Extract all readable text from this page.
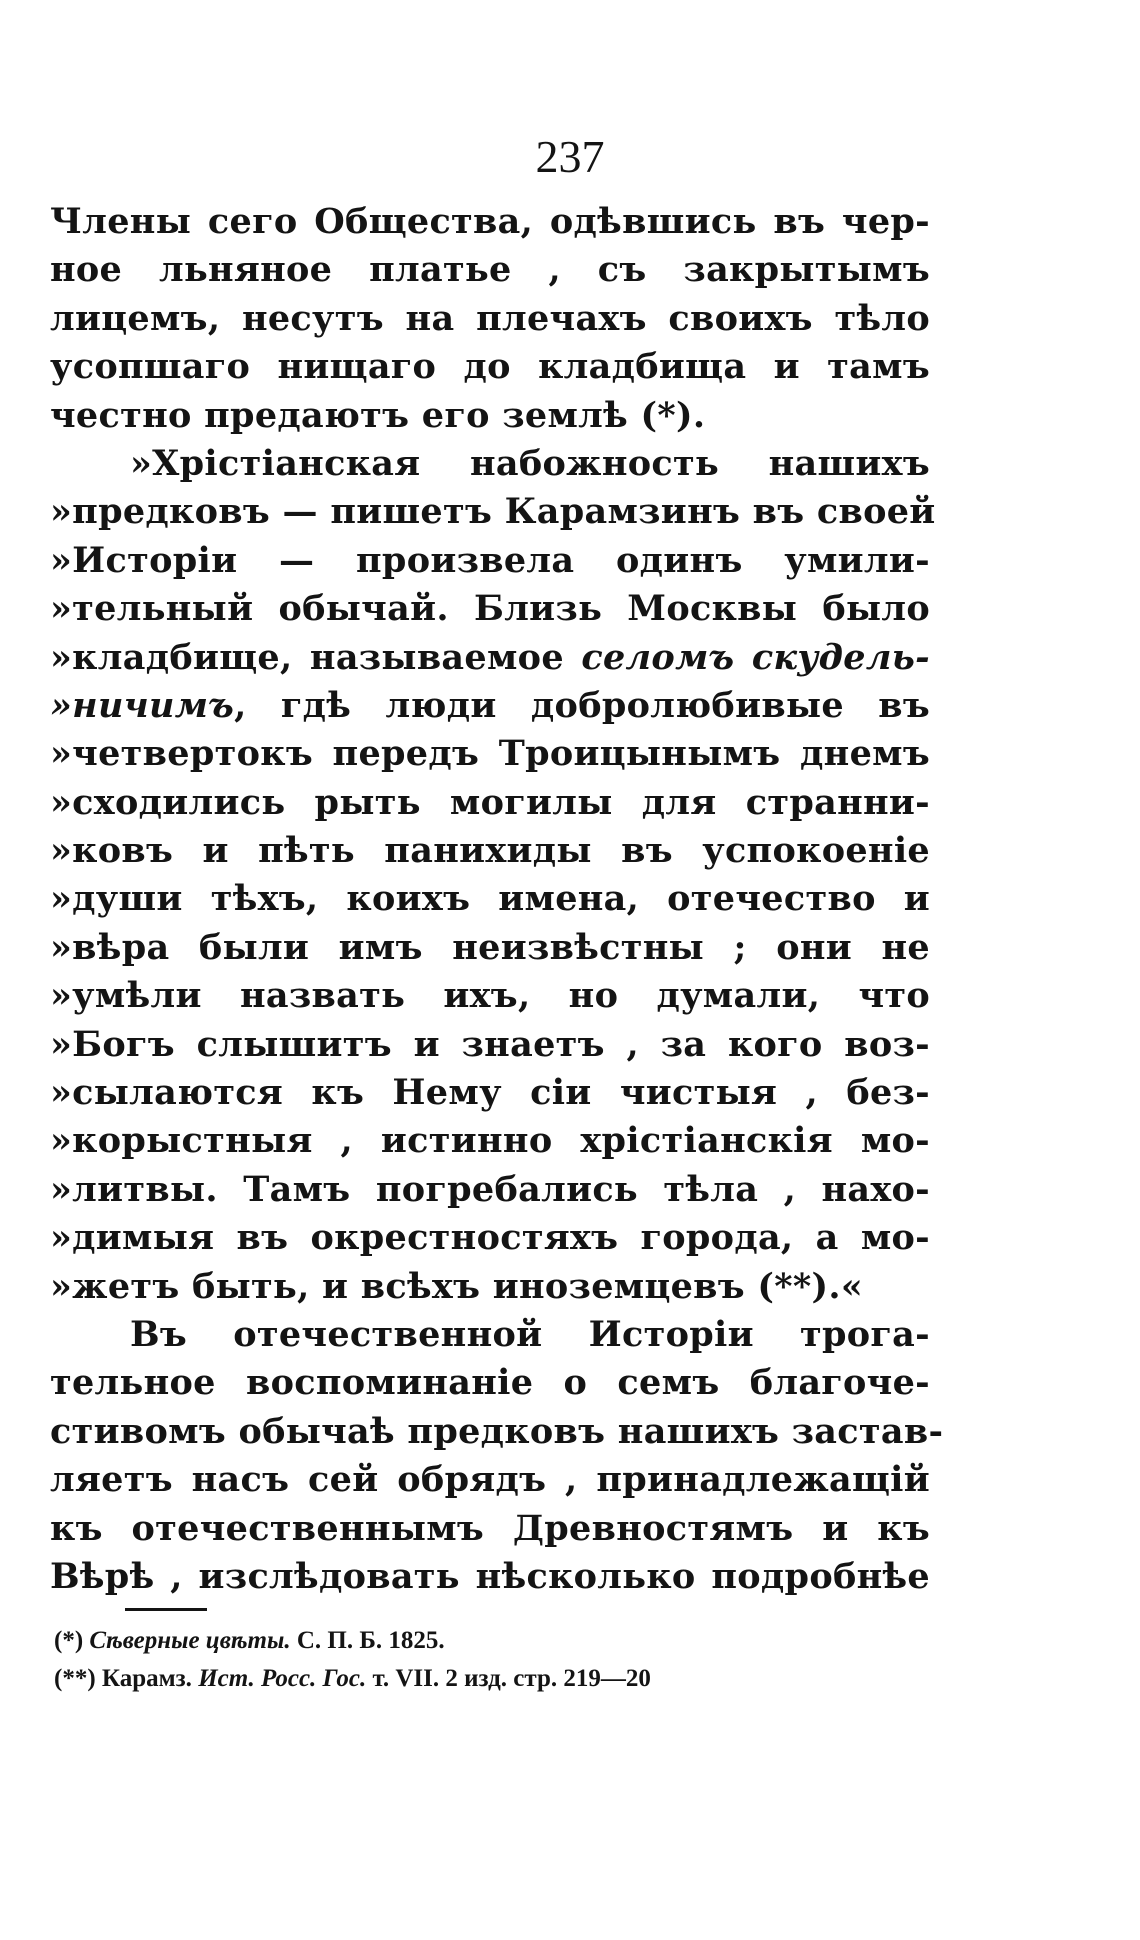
237
Члены сего Общества, одѣвшись въ чер-
ное льняное платье , съ закрытымъ
лицемъ, несутъ на плечахъ своихъ тѣло
усопшаго нищаго до кладбища и тамъ
честно предаютъ его землѣ (*).
»Хрістіанская набожность нашихъ
»предковъ — пишетъ Карамзинъ въ своей
»Исторіи — произвела одинъ умили-
»тельный обычай. Близь Москвы было
»кладбище, называемое селомъ скудель-
»ничимъ, гдѣ люди добролюбивые въ
»четвертокъ передъ Троицынымъ днемъ
»сходились рыть могилы для странни-
»ковъ и пѣть панихиды въ успокоеніе
»души тѣхъ, коихъ имена, отечество и
»вѣра были имъ неизвѣстны ; они не
»умѣли назвать ихъ, но думали, что
»Богъ слышитъ и знаетъ , за кого воз-
»сылаются къ Нему сіи чистыя , без-
»корыстныя , истинно хрістіанскія мо-
»литвы. Тамъ погребались тѣла , нахо-
»димыя въ окрестностяхъ города, а мо-
»жетъ быть, и всѣхъ иноземцевъ (**).«
Въ отечественной Исторіи трога-
тельное воспоминаніе о семъ благоче-
стивомъ обычаѣ предковъ нашихъ застав-
ляетъ насъ сей обрядъ , принадлежащій
къ отечественнымъ Древностямъ и къ
Вѣрѣ , изслѣдовать нѣсколько подробнѣе
(*) Сѣверные цвѣты. С. П. Б. 1825.
(**) Карамз. Ист. Росс. Гос. т. VII. 2 изд. стр. 219—20
